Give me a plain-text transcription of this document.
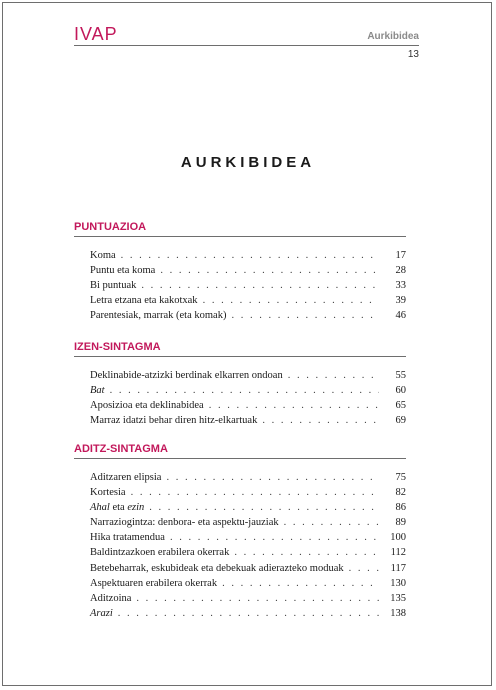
IVAP	Aurkibidea
13
AURKIBIDEA
PUNTUAZIOA
Koma . . .	17
Puntu eta koma . . .	28
Bi puntuak . . .	33
Letra etzana eta kakotxak . . .	39
Parentesiak, marrak (eta komak) . . .	46
IZEN-SINTAGMA
Deklinabide-atzizki berdinak elkarren ondoan . . .	55
Bat . . .	60
Aposizioa eta deklinabidea . . .	65
Marraz idatzi behar diren hitz-elkartuak . . .	69
ADITZ-SINTAGMA
Aditzaren elipsia . . .	75
Kortesia . . .	82
Ahal eta ezin . . .	86
Narraziogintza: denbora- eta aspektu-jauziak . . .	89
Hika tratamendua . . .	100
Baldintzazkoen erabilera okerrak . . .	112
Betebeharrak, eskubideak eta debekuak adierazteko moduak . . .	117
Aspektuaren erabilera okerrak . . .	130
Aditzoina . . .	135
Arazi . . .	138
